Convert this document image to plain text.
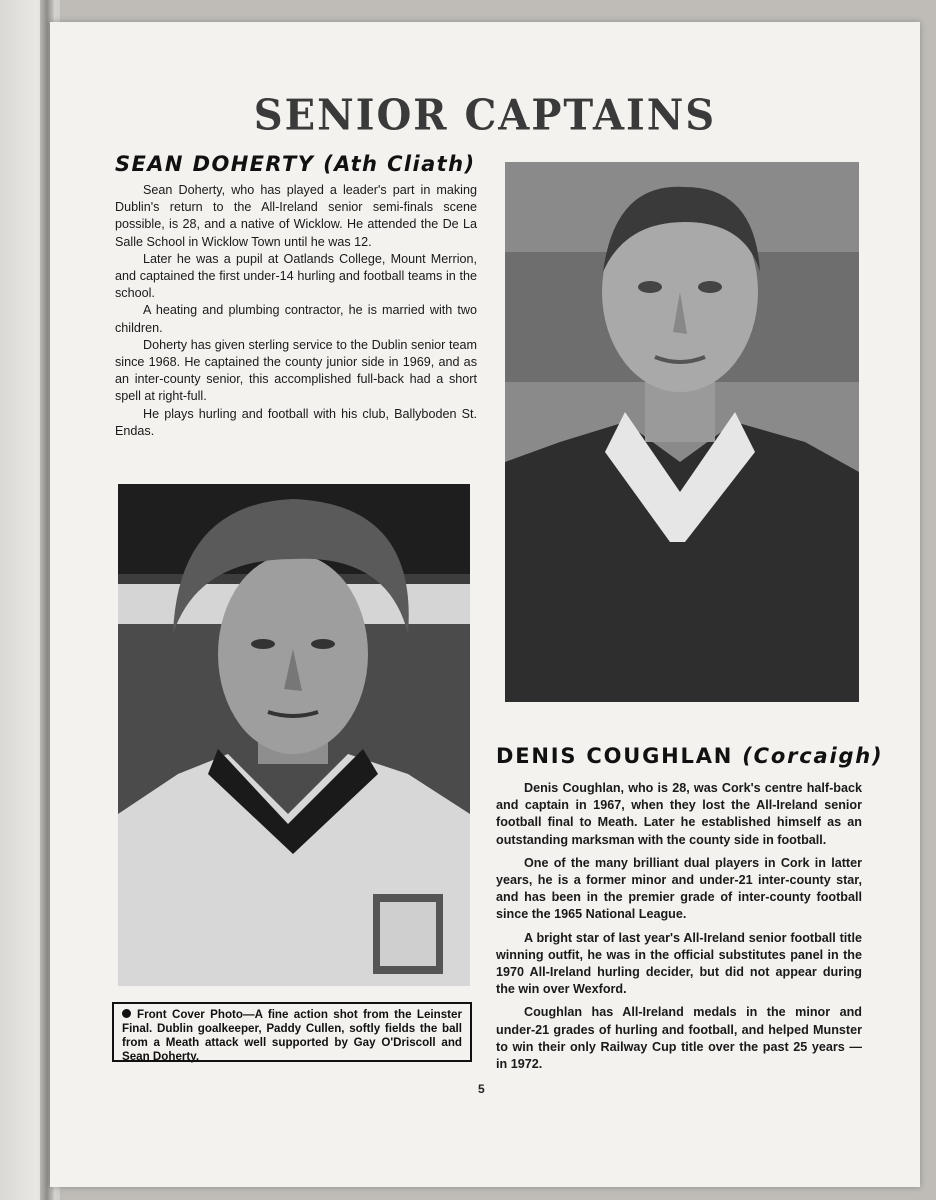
SENIOR CAPTAINS
SEAN DOHERTY (Ath Cliath)

Sean Doherty, who has played a leader's part in making Dublin's return to the All-Ireland senior semi-finals scene possible, is 28, and a native of Wicklow. He attended the De La Salle School in Wicklow Town until he was 12.

Later he was a pupil at Oatlands College, Mount Merrion, and captained the first under-14 hurling and football teams in the school.

A heating and plumbing contractor, he is married with two children.

Doherty has given sterling service to the Dublin senior team since 1968. He captained the county junior side in 1969, and as an inter-county senior, this accomplished full-back had a short spell at right-full.

He plays hurling and football with his club, Ballyboden St. Endas.

DENIS COUGHLAN (Corcaigh)

Denis Coughlan, who is 28, was Cork's centre half-back and captain in 1967, when they lost the All-Ireland senior football final to Meath. Later he established himself as an outstanding marksman with the county side in football.

One of the many brilliant dual players in Cork in latter years, he is a former minor and under-21 inter-county star, and has been in the premier grade of inter-county football since the 1965 National League.

A bright star of last year's All-Ireland senior football title winning outfit, he was in the official substitutes panel in the 1970 All-Ireland hurling decider, but did not appear during the win over Wexford.

Coughlan has All-Ireland medals in the minor and under-21 grades of hurling and football, and helped Munster to win their only Railway Cup title over the past 25 years — in 1972.

Front Cover Photo—A fine action shot from the Leinster Final. Dublin goalkeeper, Paddy Cullen, softly fields the ball from a Meath attack well supported by Gay O'Driscoll and Sean Doherty.
5
